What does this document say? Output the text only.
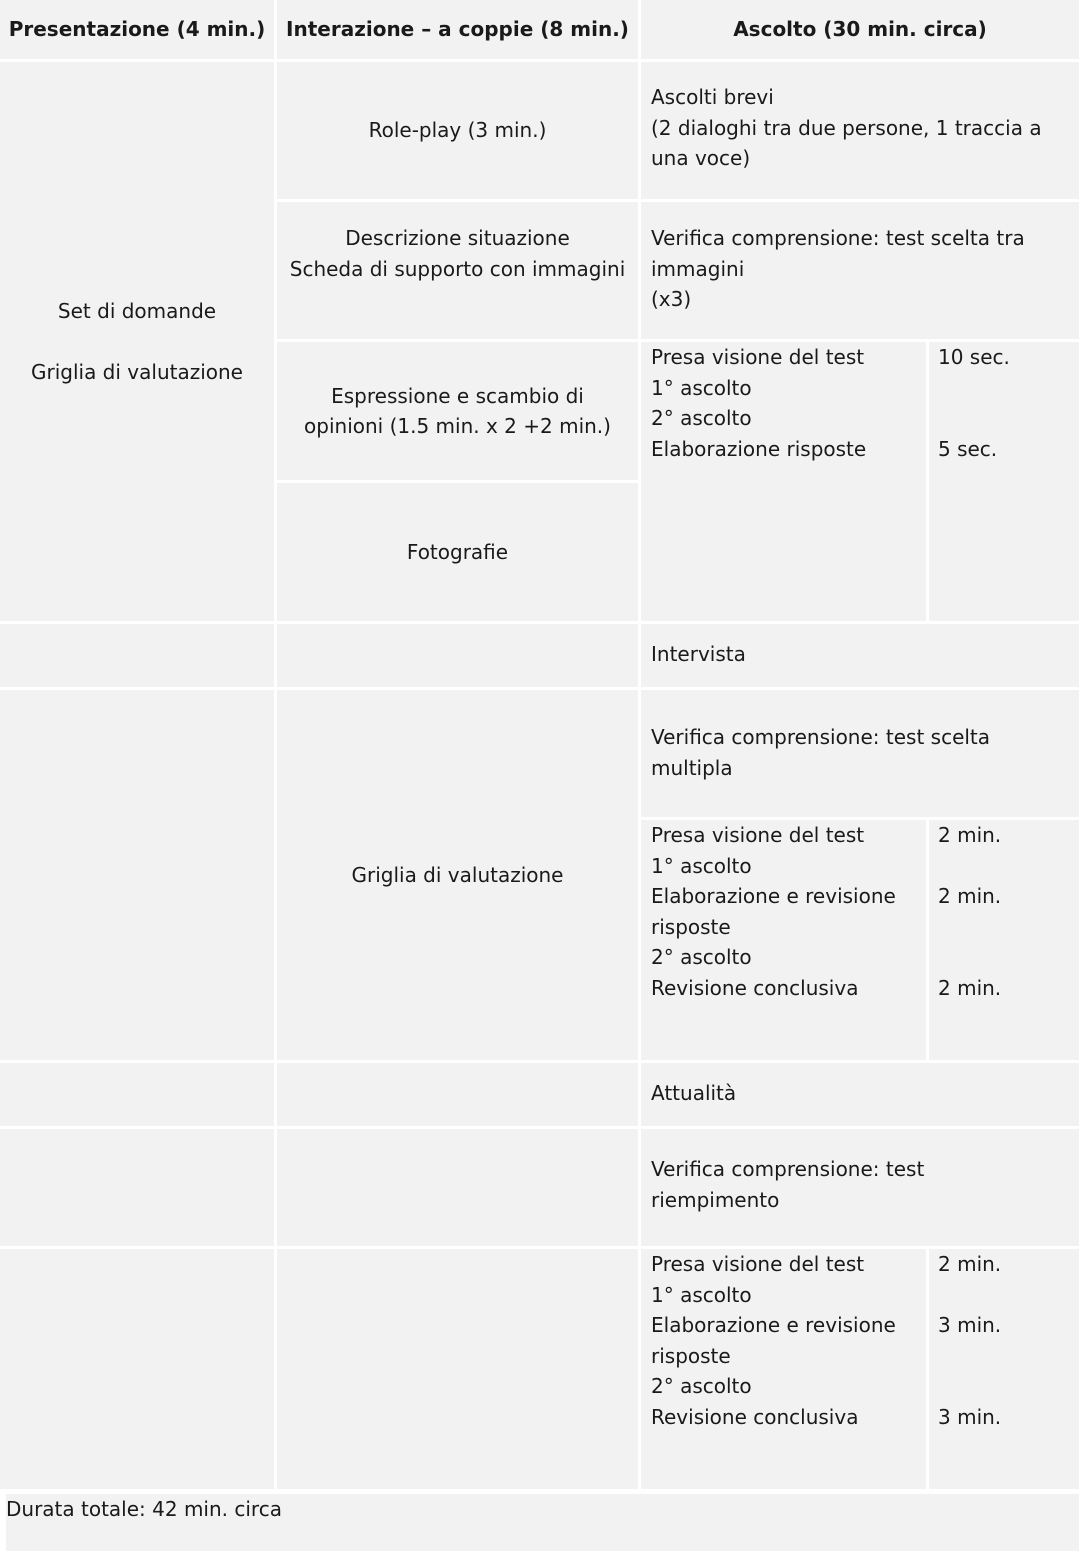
Presentazione (4 min.)	Interazione – a coppie (8 min.)	Ascolto (30 min. circa)
Set di domande
Griglia di valutazione
Role-play (3 min.)
Descrizione situazione
Scheda di supporto con immagini
Espressione e scambio di
opinioni (1.5 min. x 2 +2 min.)
Fotografie
Griglia di valutazione
Ascolti brevi
(2 dialoghi tra due persone, 1 traccia a
una voce)
Verifica comprensione: test scelta tra
immagini
(x3)
Presa visione del test
1° ascolto
2° ascolto
Elaborazione risposte
10 sec.

5 sec.
Intervista
Verifica comprensione: test scelta
multipla
Presa visione del test
1° ascolto
Elaborazione e revisione
risposte
2° ascolto
Revisione conclusiva
2 min.

2 min.

2 min.
Attualità
Verifica comprensione: test
riempimento
Presa visione del test
1° ascolto
Elaborazione e revisione
risposte
2° ascolto
Revisione conclusiva
2 min.

3 min.

3 min.
Durata totale: 42 min. circa
